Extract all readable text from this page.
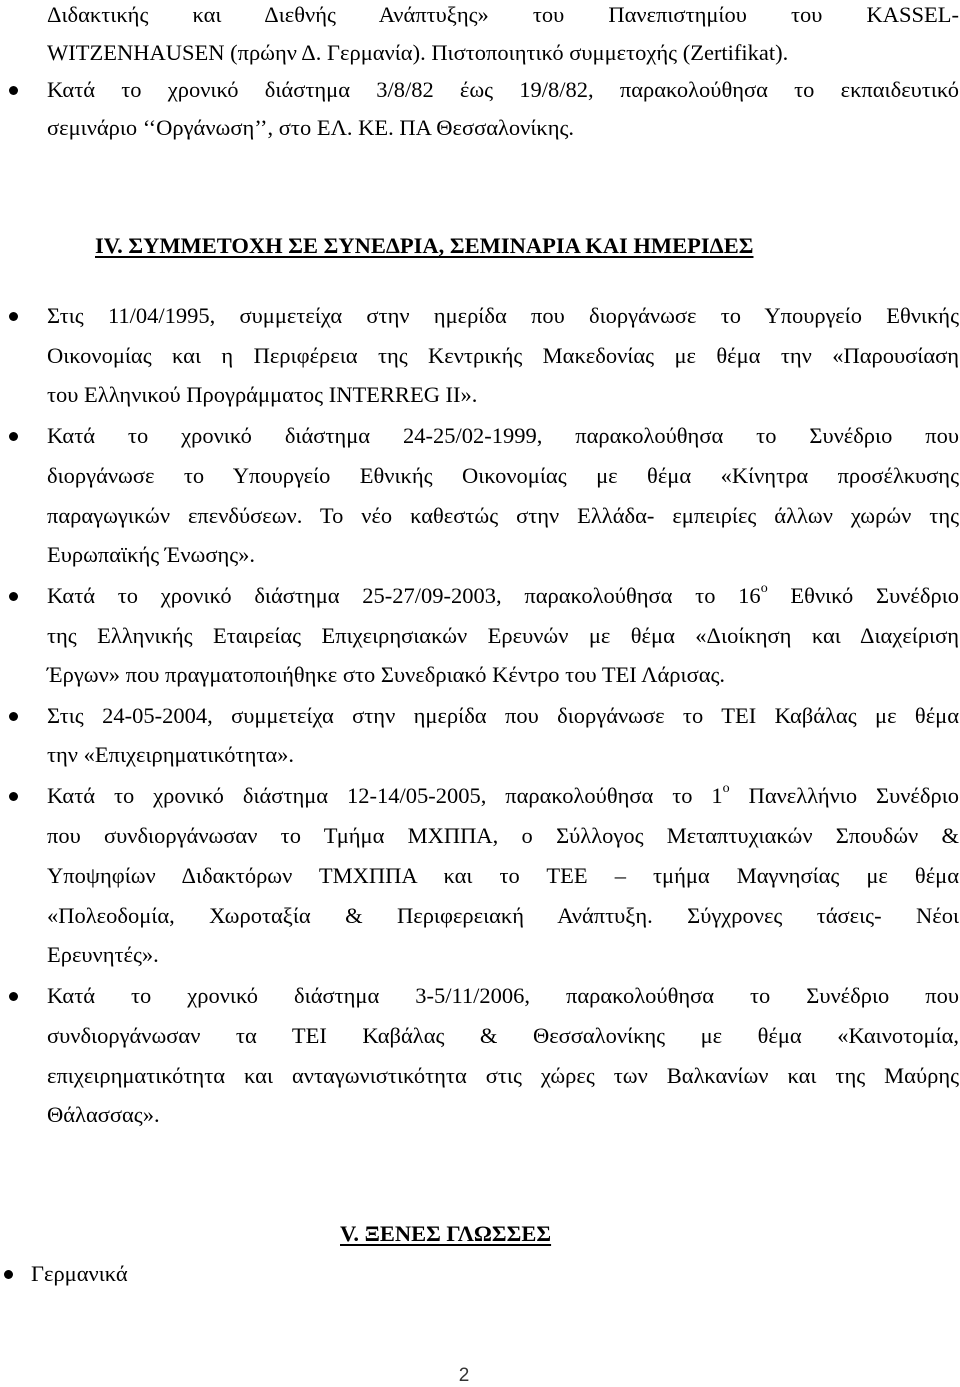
Διδακτικής και Διεθνής Ανάπτυξης» του Πανεπιστημίου του KASSEL-
WITZENHAUSEN (πρώην Δ. Γερμανία). Πιστοποιητικό συμμετοχής (Zertifikat).
Κατά το χρονικό διάστημα 3/8/82 έως 19/8/82, παρακολούθησα το εκπαιδευτικό
σεμινάριο ‘‘Οργάνωση’’, στο ΕΛ. ΚΕ. ΠΑ Θεσσαλονίκης.
IV. ΣΥΜΜΕΤΟΧΗ ΣΕ ΣΥΝΕΔΡΙΑ, ΣΕΜΙΝΑΡΙΑ ΚΑΙ ΗΜΕΡΙΔΕΣ
Στις 11/04/1995, συμμετείχα στην ημερίδα που διοργάνωσε το Υπουργείο Εθνικής
Οικονομίας και η Περιφέρεια της Κεντρικής Μακεδονίας με θέμα την «Παρουσίαση
του Ελληνικού Προγράμματος INTERREG II».
Κατά το χρονικό διάστημα 24-25/02-1999, παρακολούθησα το Συνέδριο που
διοργάνωσε το Υπουργείο Εθνικής Οικονομίας με θέμα «Κίνητρα προσέλκυσης
παραγωγικών επενδύσεων. Το νέο καθεστώς στην Ελλάδα- εμπειρίες άλλων χωρών της
Ευρωπαϊκής Ένωσης».
Κατά το χρονικό διάστημα 25-27/09-2003, παρακολούθησα το $16^o$ Εθνικό Συνέδριο
της Ελληνικής Εταιρείας Επιχειρησιακών Ερευνών με θέμα «Διοίκηση και Διαχείριση
Έργων» που πραγματοποιήθηκε στο Συνεδριακό Κέντρο του ΤΕΙ Λάρισας.
Στις 24-05-2004, συμμετείχα στην ημερίδα που διοργάνωσε το ΤΕΙ Καβάλας με θέμα
την «Επιχειρηματικότητα».
Κατά το χρονικό διάστημα 12-14/05-2005, παρακολούθησα το $1^o$ Πανελλήνιο Συνέδριο
που συνδιοργάνωσαν το Τμήμα ΜΧΠΠΑ, ο Σύλλογος Μεταπτυχιακών Σπουδών &
Υποψηφίων Διδακτόρων ΤΜΧΠΠΑ και το ΤΕΕ – τμήμα Μαγνησίας με θέμα
«Πολεοδομία, Χωροταξία & Περιφερειακή Ανάπτυξη. Σύγχρονες τάσεις- Νέοι
Ερευνητές».
Κατά το χρονικό διάστημα 3-5/11/2006, παρακολούθησα το Συνέδριο που
συνδιοργάνωσαν τα ΤΕΙ Καβάλας & Θεσσαλονίκης με θέμα «Καινοτομία,
επιχειρηματικότητα και ανταγωνιστικότητα στις χώρες των Βαλκανίων και της Μαύρης
Θάλασσας».
V. ΞΕΝΕΣ ΓΛΩΣΣΕΣ
Γερμανικά
2
